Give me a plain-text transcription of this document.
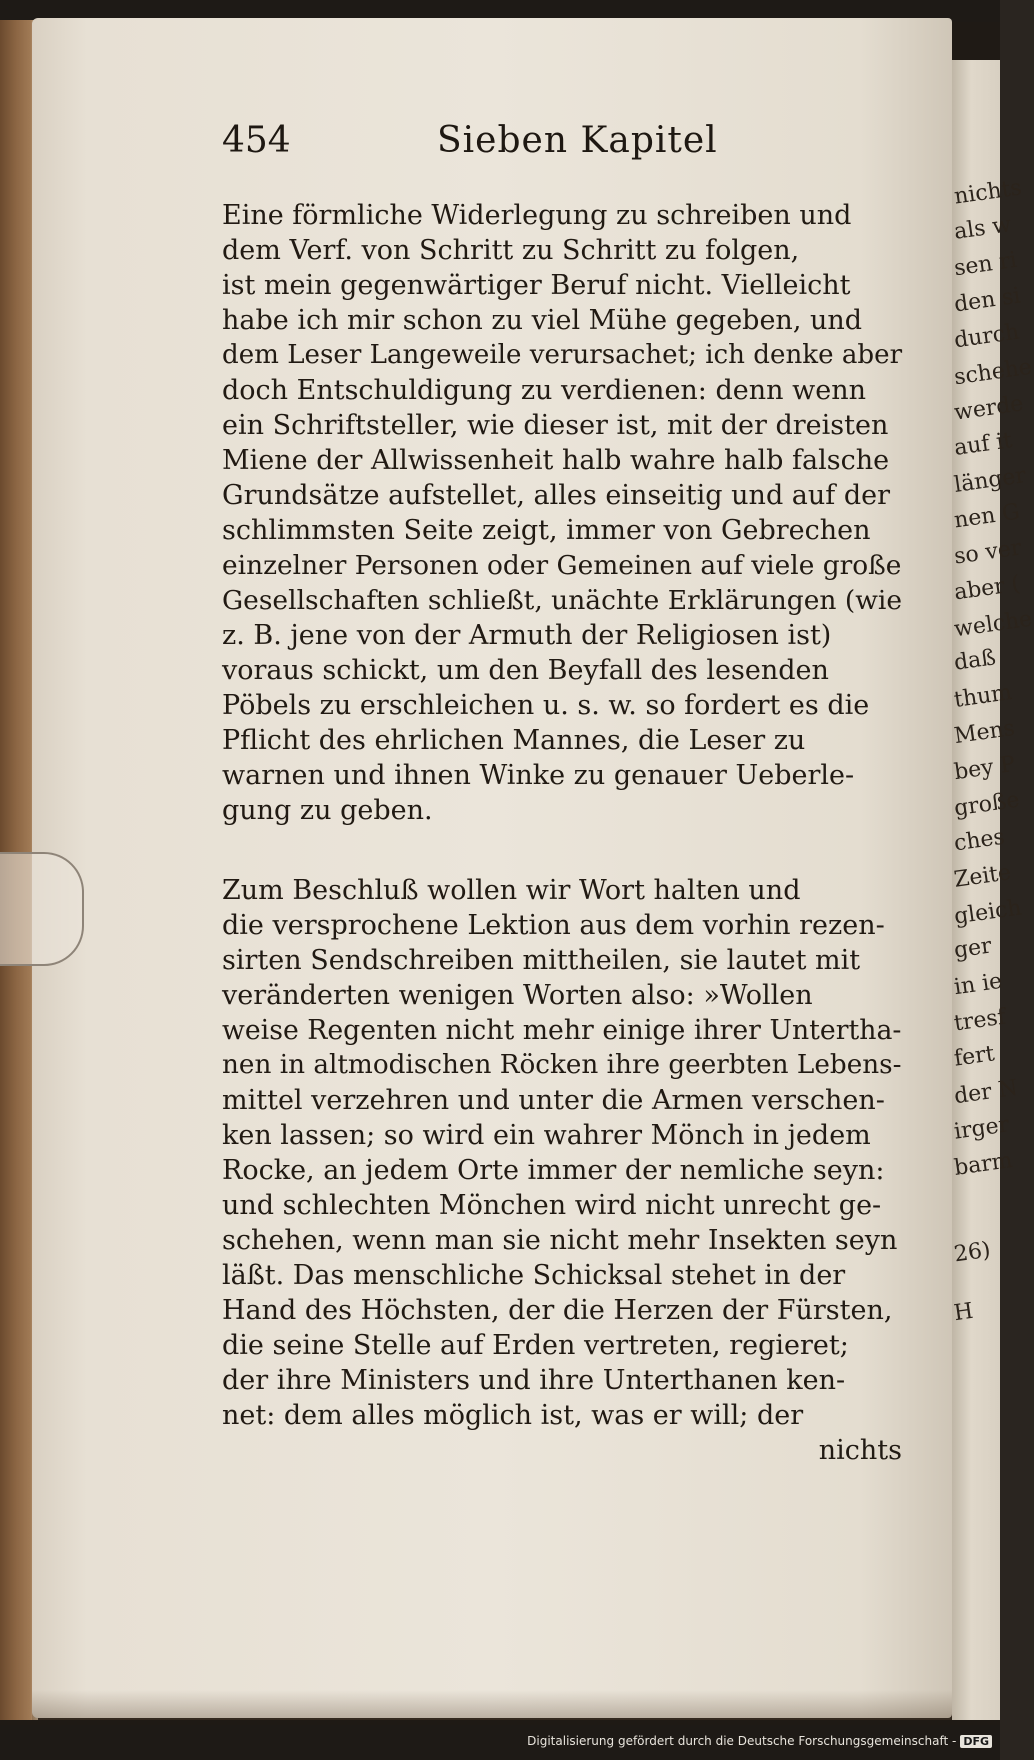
nichts
als w
sen ri
den si
durch
schehe
werde
auf it
länger
nen G
so ver
aber (
welche
daß
thum
Mens
bey P
große
ches
Zeite
gleich
ger
in ie
tresf
fert
der N
irger
barm
26)
H
454	Sieben Kapitel
Eine förmliche Widerlegung zu schreiben und
dem Verf. von Schritt zu Schritt zu folgen,
ist mein gegenwärtiger Beruf nicht. Vielleicht
habe ich mir schon zu viel Mühe gegeben, und
dem Leser Langeweile verursachet; ich denke aber
doch Entschuldigung zu verdienen: denn wenn
ein Schriftsteller, wie dieser ist, mit der dreisten
Miene der Allwissenheit halb wahre halb falsche
Grundsätze aufstellet, alles einseitig und auf der
schlimmsten Seite zeigt, immer von Gebrechen
einzelner Personen oder Gemeinen auf viele große
Gesellschaften schließt, unächte Erklärungen (wie
z. B. jene von der Armuth der Religiosen ist)
voraus schickt, um den Beyfall des lesenden
Pöbels zu erschleichen u. s. w. so fordert es die
Pflicht des ehrlichen Mannes, die Leser zu
warnen und ihnen Winke zu genauer Ueberle-
gung zu geben.
Zum Beschluß wollen wir Wort halten und
die versprochene Lektion aus dem vorhin rezen-
sirten Sendschreiben mittheilen, sie lautet mit
veränderten wenigen Worten also: »Wollen
weise Regenten nicht mehr einige ihrer Untertha-
nen in altmodischen Röcken ihre geerbten Lebens-
mittel verzehren und unter die Armen verschen-
ken lassen; so wird ein wahrer Mönch in jedem
Rocke, an jedem Orte immer der nemliche seyn:
und schlechten Mönchen wird nicht unrecht ge-
schehen, wenn man sie nicht mehr Insekten seyn
läßt. Das menschliche Schicksal stehet in der
Hand des Höchsten, der die Herzen der Fürsten,
die seine Stelle auf Erden vertreten, regieret;
der ihre Ministers und ihre Unterthanen ken-
net: dem alles möglich ist, was er will; der
nichts
Digitalisierung gefördert durch die Deutsche Forschungsgemeinschaft - DFG
